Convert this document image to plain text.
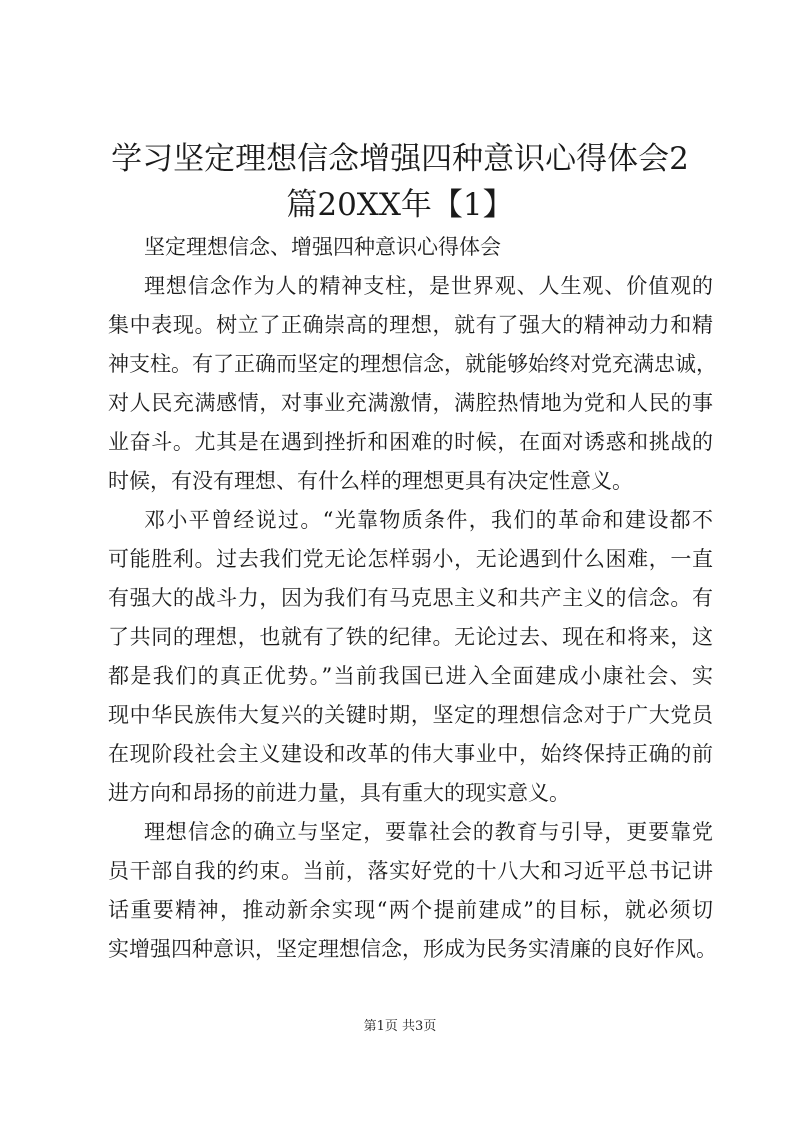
学习坚定理想信念增强四种意识心得体会2
篇20XX年【1】
坚定理想信念、增强四种意识心得体会
理想信念作为人的精神支柱，是世界观、人生观、价值观的
集中表现。树立了正确崇高的理想，就有了强大的精神动力和精
神支柱。有了正确而坚定的理想信念，就能够始终对党充满忠诚，
对人民充满感情，对事业充满激情，满腔热情地为党和人民的事
业奋斗。尤其是在遇到挫折和困难的时候，在面对诱惑和挑战的
时候，有没有理想、有什么样的理想更具有决定性意义。
邓小平曾经说过。“光靠物质条件，我们的革命和建设都不
可能胜利。过去我们党无论怎样弱小，无论遇到什么困难，一直
有强大的战斗力，因为我们有马克思主义和共产主义的信念。有
了共同的理想，也就有了铁的纪律。无论过去、现在和将来，这
都是我们的真正优势。”当前我国已进入全面建成小康社会、实
现中华民族伟大复兴的关键时期，坚定的理想信念对于广大党员
在现阶段社会主义建设和改革的伟大事业中，始终保持正确的前
进方向和昂扬的前进力量，具有重大的现实意义。
理想信念的确立与坚定，要靠社会的教育与引导，更要靠党
员干部自我的约束。当前，落实好党的十八大和习近平总书记讲
话重要精神，推动新余实现“两个提前建成”的目标，就必须切
实增强四种意识，坚定理想信念，形成为民务实清廉的良好作风。
第1页 共3页
